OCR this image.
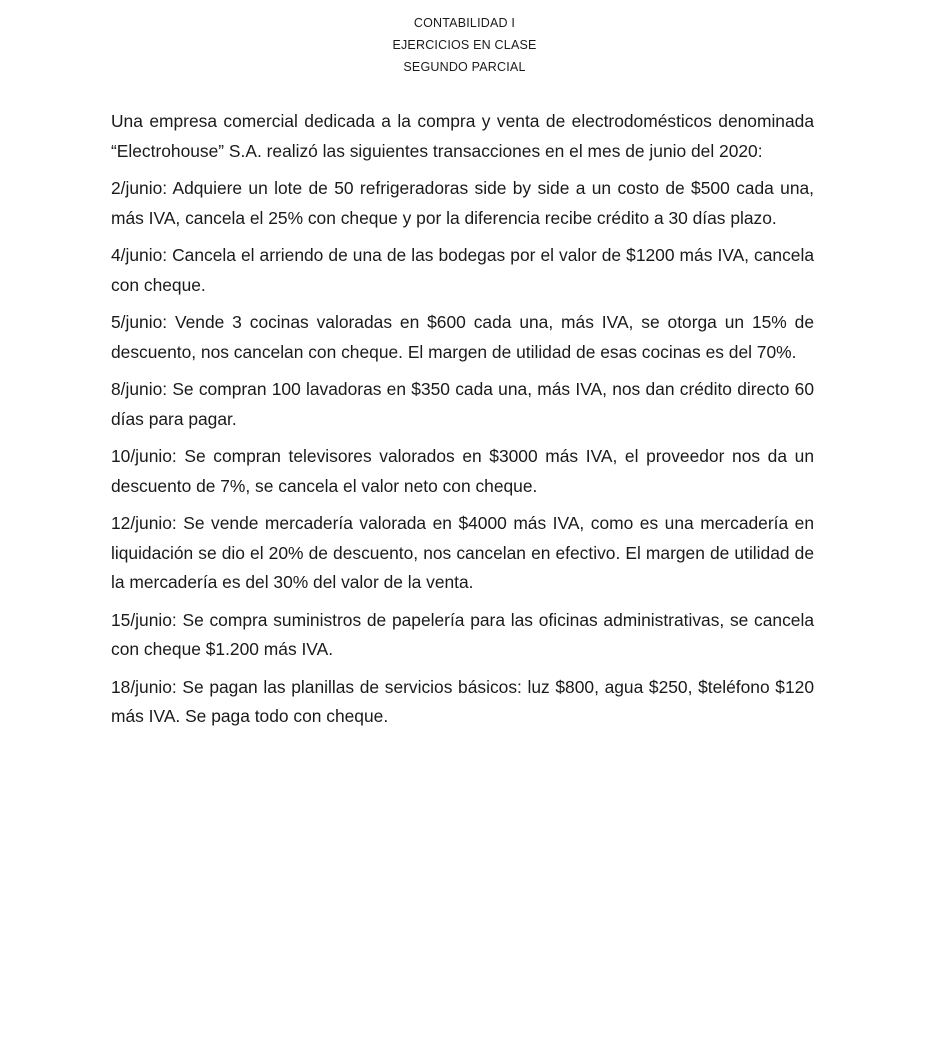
CONTABILIDAD I
EJERCICIOS EN CLASE
SEGUNDO PARCIAL

Una empresa comercial dedicada a la compra y venta de electrodomésticos denominada “Electrohouse” S.A. realizó las siguientes transacciones en el mes de junio del 2020:

2/junio: Adquiere un lote de 50 refrigeradoras side by side a un costo de $500 cada una, más IVA, cancela el 25% con cheque y por la diferencia recibe crédito a 30 días plazo.

4/junio: Cancela el arriendo de una de las bodegas por el valor de $1200 más IVA, cancela con cheque.

5/junio: Vende 3 cocinas valoradas en $600 cada una, más IVA, se otorga un 15% de descuento, nos cancelan con cheque. El margen de utilidad de esas cocinas es del 70%.

8/junio: Se compran 100 lavadoras en $350 cada una, más IVA, nos dan crédito directo 60 días para pagar.

10/junio: Se compran televisores valorados en $3000 más IVA, el proveedor nos da un descuento de 7%, se cancela el valor neto con cheque.

12/junio: Se vende mercadería valorada en $4000 más IVA, como es una mercadería en liquidación se dio el 20% de descuento, nos cancelan en efectivo. El margen de utilidad de la mercadería es del 30% del valor de la venta.

15/junio: Se compra suministros de papelería para las oficinas administrativas, se cancela con cheque $1.200 más IVA.

18/junio: Se pagan las planillas de servicios básicos: luz $800, agua $250, $teléfono $120 más IVA. Se paga todo con cheque.
